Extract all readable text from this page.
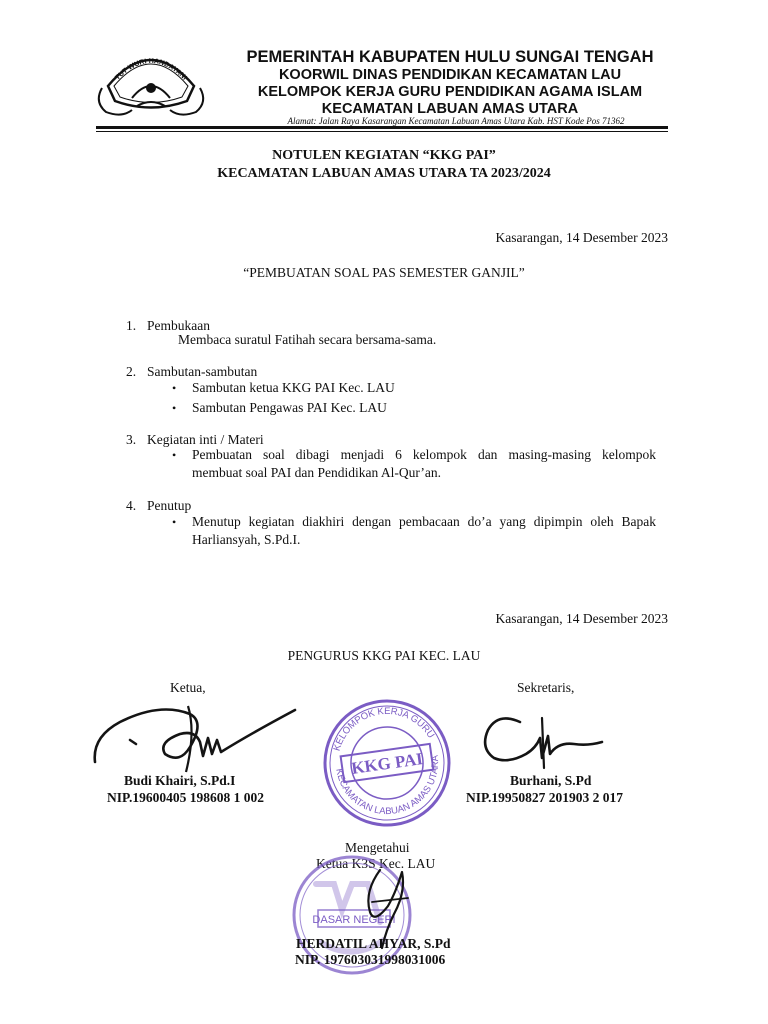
TUT WURI HANDAYANI
PEMERINTAH KABUPATEN HULU SUNGAI TENGAH
KOORWIL DINAS PENDIDIKAN KECAMATAN LAU
KELOMPOK KERJA GURU PENDIDIKAN AGAMA ISLAM
KECAMATAN LABUAN AMAS UTARA
Alamat: Jalan Raya Kasarangan Kecamatan Labuan Amas Utara Kab. HST Kode Pos 71362
NOTULEN KEGIATAN “KKG PAI”
KECAMATAN LABUAN AMAS UTARA TA 2023/2024
Kasarangan, 14 Desember 2023
“PEMBUATAN SOAL PAS SEMESTER GANJIL”
1. Pembukaan
Membaca suratul Fatihah secara bersama-sama.
2. Sambutan-sambutan
• Sambutan ketua KKG PAI Kec. LAU
• Sambutan Pengawas PAI Kec. LAU
3. Kegiatan inti / Materi
• Pembuatan soal dibagi menjadi 6 kelompok dan masing-masing kelompok
membuat soal PAI dan Pendidikan Al-Qur’an.
4. Penutup
• Menutup kegiatan diakhiri dengan pembacaan do’a yang dipimpin oleh Bapak
Harliansyah, S.Pd.I.
Kasarangan, 14 Desember 2023
PENGURUS KKG PAI KEC. LAU
Ketua,
Budi Khairi, S.Pd.I
NIP.19600405 198608 1 002
KELOMPOK KERJA GURU
KECAMATAN LABUAN AMAS UTARA
KKG PAI
Sekretaris,
Burhani, S.Pd
NIP.19950827 201903 2 017
Mengetahui
Ketua K3S Kec. LAU
DASAR NEGERI
HERDATIL AHYAR, S.Pd
NIP. 197603031998031006
